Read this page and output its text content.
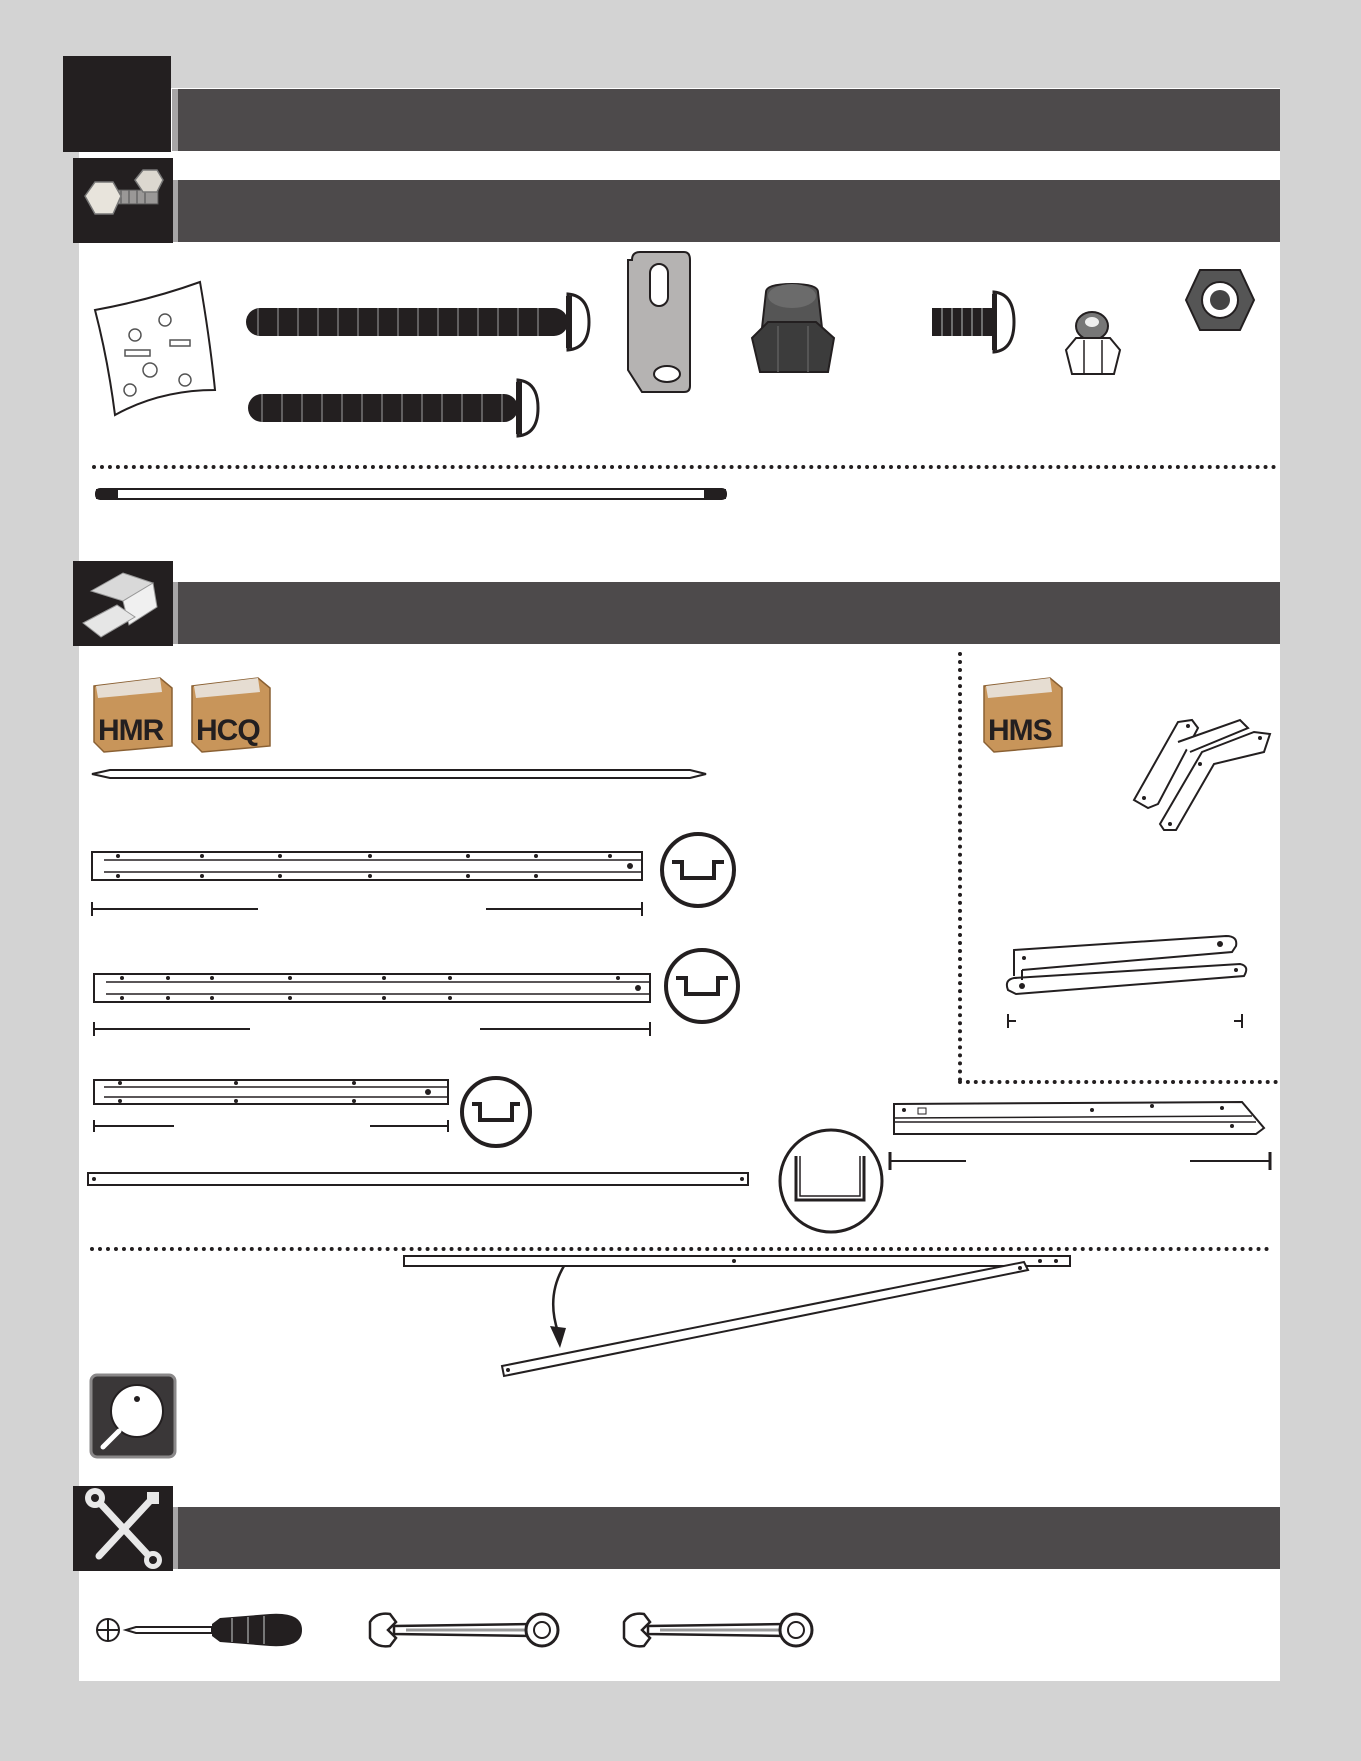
HMR HCQ	HMS
